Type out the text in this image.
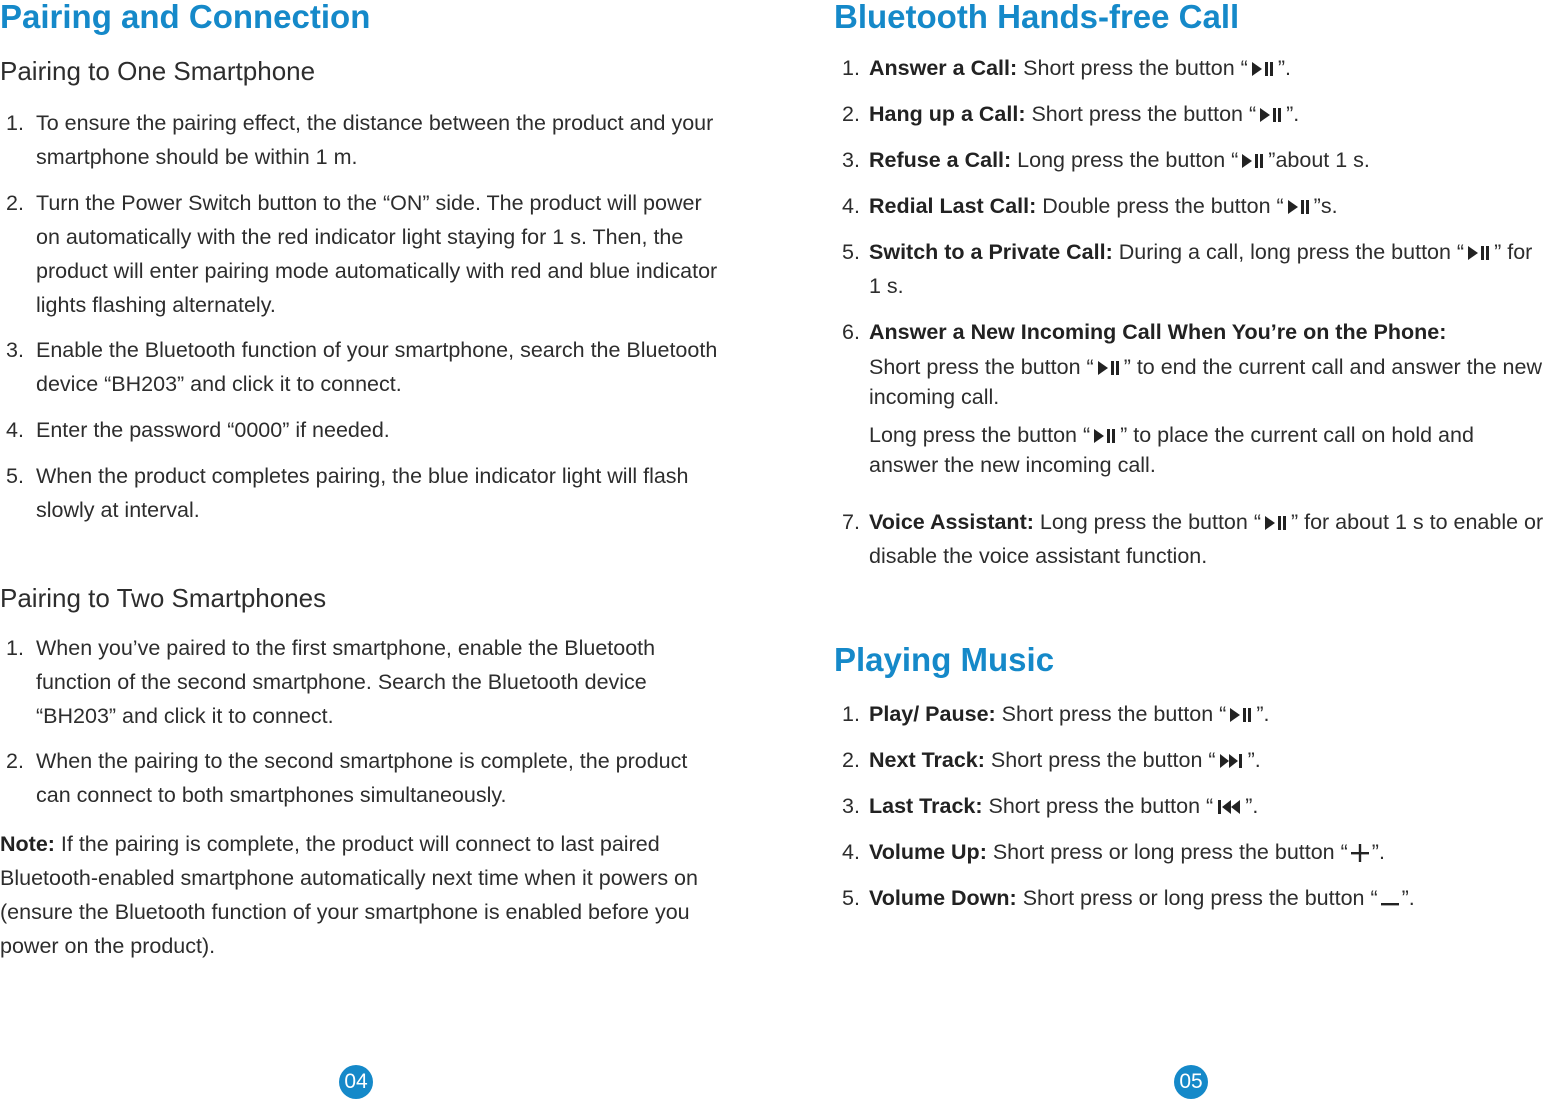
Pairing and Connection
Pairing to One Smartphone
1. To ensure the pairing effect, the distance between the product and your smartphone should be within 1 m.
2. Turn the Power Switch button to the “ON” side. The product will power on automatically with the red indicator light staying for 1 s. Then, the product will enter pairing mode automatically with red and blue indicator lights flashing alternately.
3. Enable the Bluetooth function of your smartphone, search the Bluetooth device “BH203” and click it to connect.
4. Enter the password “0000” if needed.
5. When the product completes pairing, the blue indicator light will flash slowly at interval.
Pairing to Two Smartphones
1. When you’ve paired to the first smartphone, enable the Bluetooth function of the second smartphone. Search the Bluetooth device “BH203” and click it to connect.
2. When the pairing to the second smartphone is complete, the product can connect to both smartphones simultaneously.
Note: If the pairing is complete, the product will connect to last paired Bluetooth-enabled smartphone automatically next time when it powers on (ensure the Bluetooth function of your smartphone is enabled before you power on the product).
04
Bluetooth Hands-free Call
1. Answer a Call: Short press the button “ ”.
2. Hang up a Call: Short press the button “ ”.
3. Refuse a Call: Long press the button “ ”about 1 s.
4. Redial Last Call: Double press the button “ ”s.
5. Switch to a Private Call: During a call, long press the button “ ” for 1 s.
6. Answer a New Incoming Call When You’re on the Phone:
Short press the button “ ” to end the current call and answer the new incoming call.
Long press the button “ ” to place the current call on hold and answer the new incoming call.
7. Voice Assistant: Long press the button “ ” for about 1 s to enable or disable the voice assistant function.
Playing Music
1. Play/ Pause: Short press the button “ ”.
2. Next Track: Short press the button “ ”.
3. Last Track: Short press the button “ ”.
4. Volume Up: Short press or long press the button “ ”.
5. Volume Down: Short press or long press the button “ ”.
05
